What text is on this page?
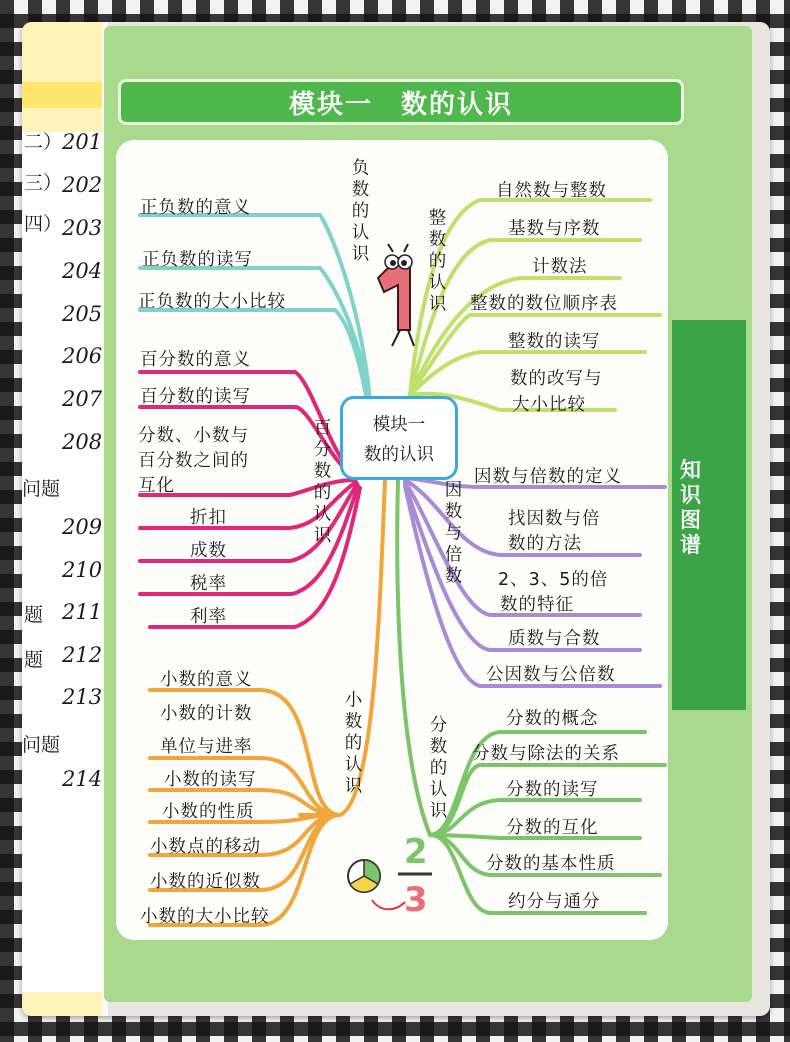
201
202
203
204
205
206
207
208
209
210
211
212
213
214
二）
三）
四）
问题
题
题
问题
模块一　数的认识
知识图谱
2
3
模块一
数的认识
负数的认识	整数的认识
百分数的认识	因数与倍数
小数的认识	分数的认识
正负数的意义
正负数的读写
正负数的大小比较
自然数与整数
基数与序数
计数法
整数的数位顺序表
整数的读写
数的改写与
大小比较
百分数的意义
百分数的读写
分数、小数与
百分数之间的
互化
折扣
成数
税率
利率
因数与倍数的定义
找因数与倍
数的方法
2、3、5的倍
数的特征
质数与合数
公因数与公倍数
小数的意义
小数的计数
单位与进率
小数的读写
小数的性质
小数点的移动
小数的近似数
小数的大小比较
分数的概念
分数与除法的关系
分数的读写
分数的互化
分数的基本性质
约分与通分
